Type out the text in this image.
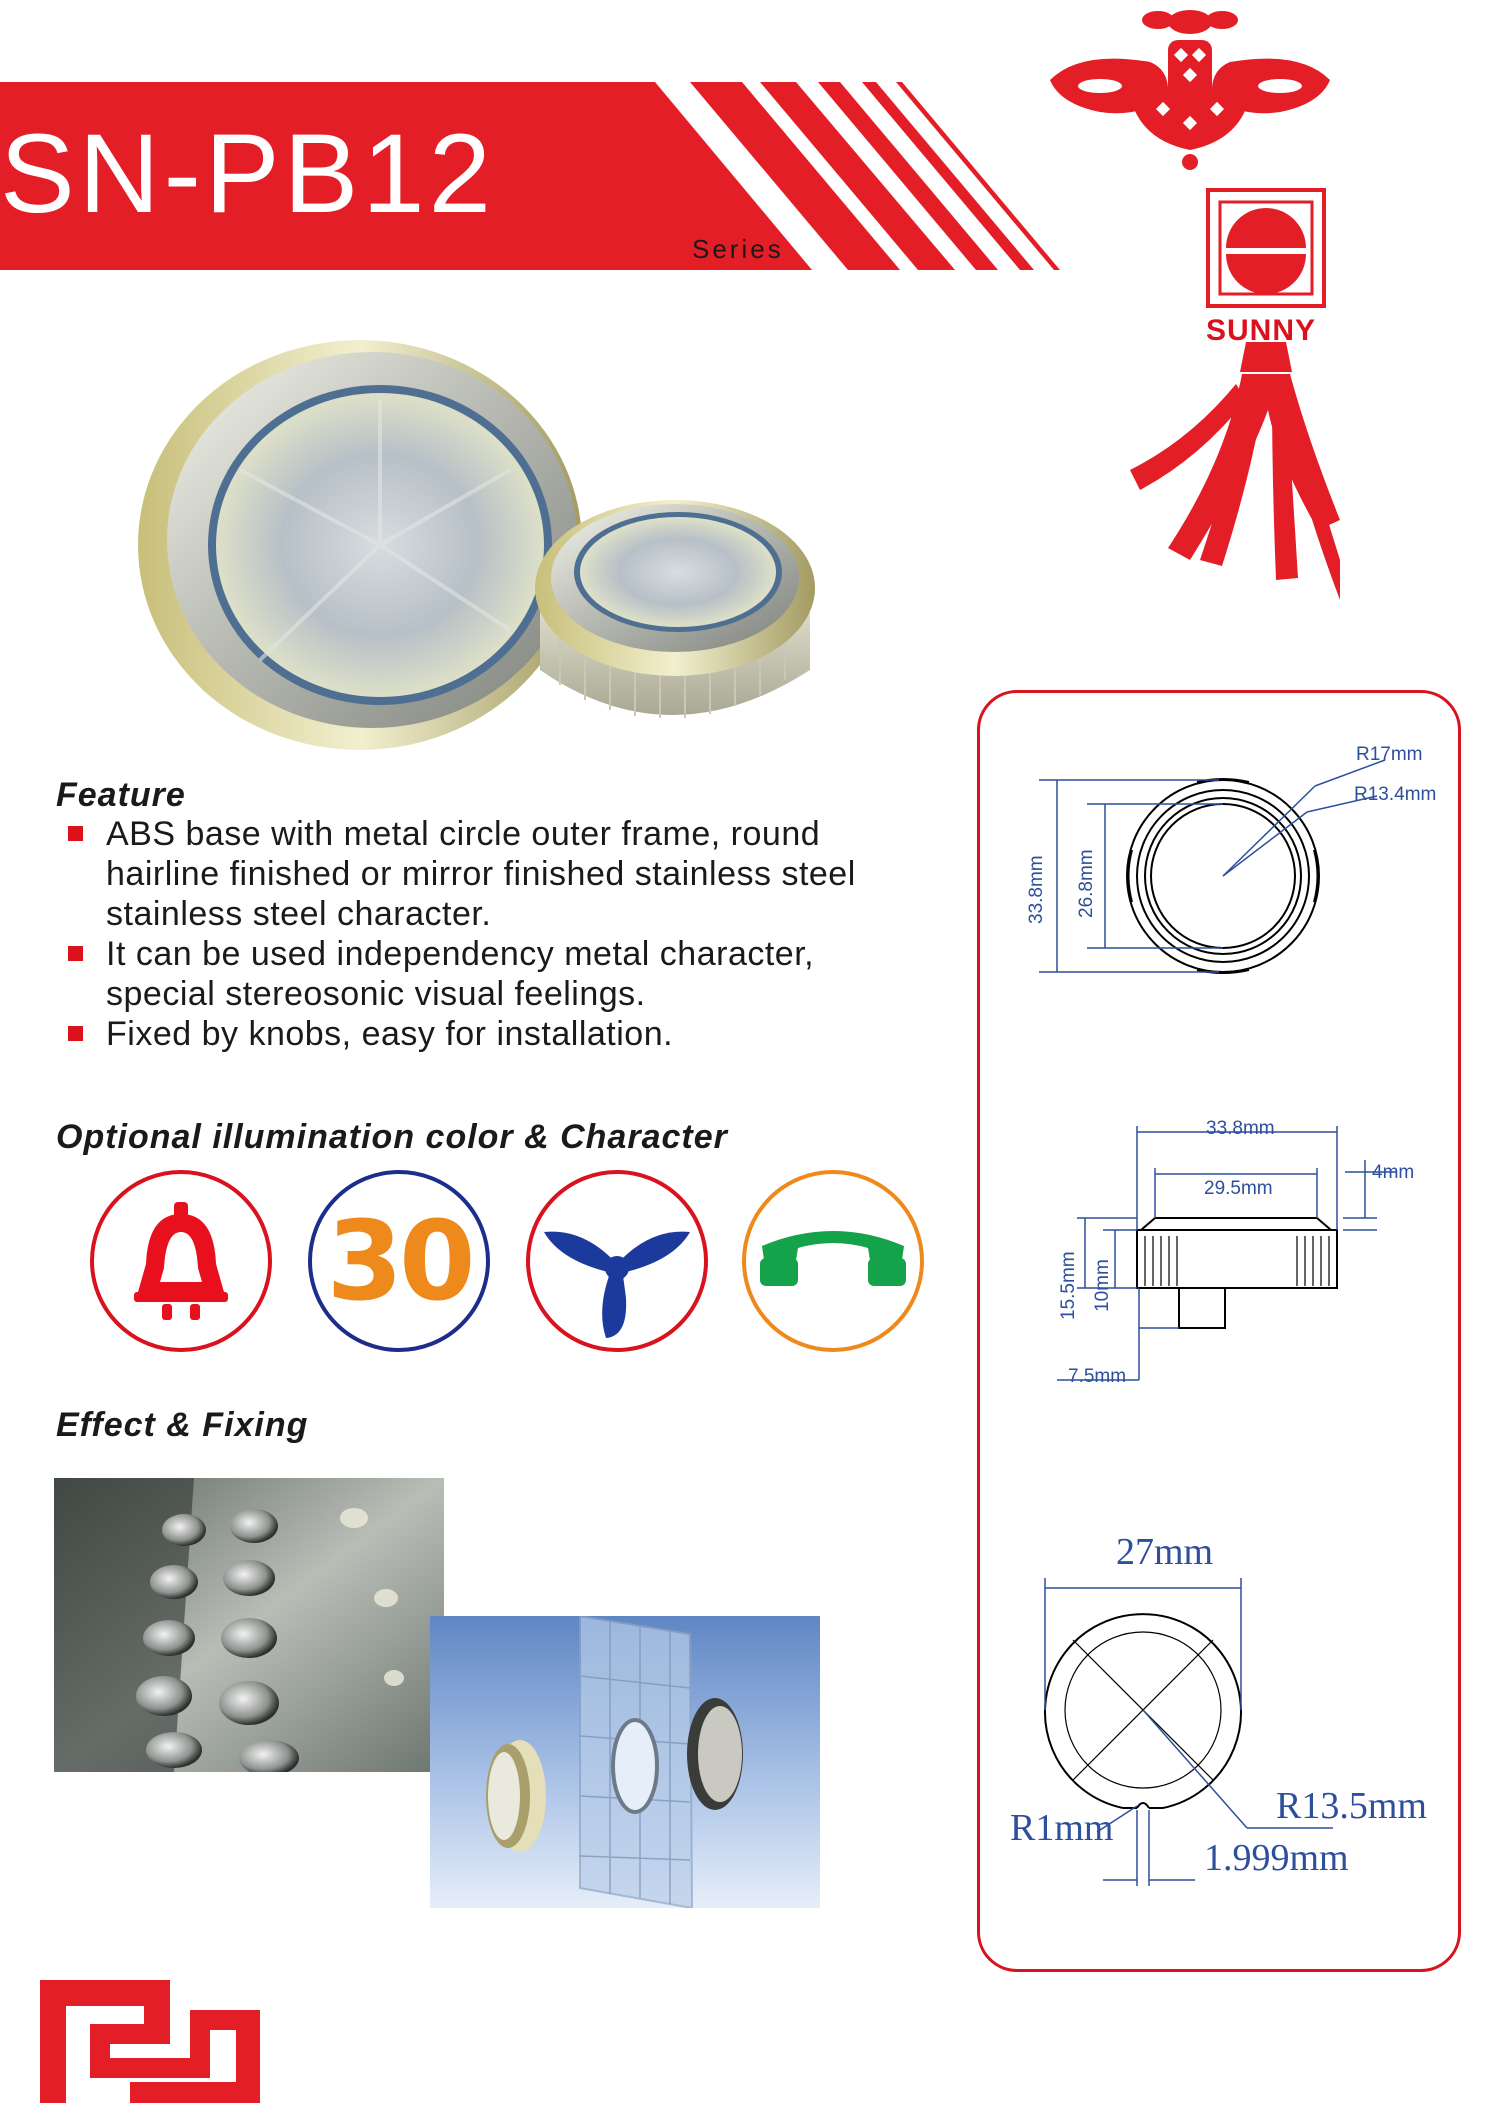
SN-PB12
Series
SUNNY
Feature
ABS base with metal circle outer frame, round
hairline finished or mirror finished stainless steel
stainless steel character.
It can be used independency metal character,
special stereosonic visual feelings.
Fixed by knobs, easy for installation.
Optional illumination color & Character
30
Effect & Fixing
R17mm
R13.4mm
33.8mm 26.8mm
33.8mm
29.5mm
4mm
15.5mm 10mm
7.5mm
27mm
R13.5mm
R1mm
1.999mm
